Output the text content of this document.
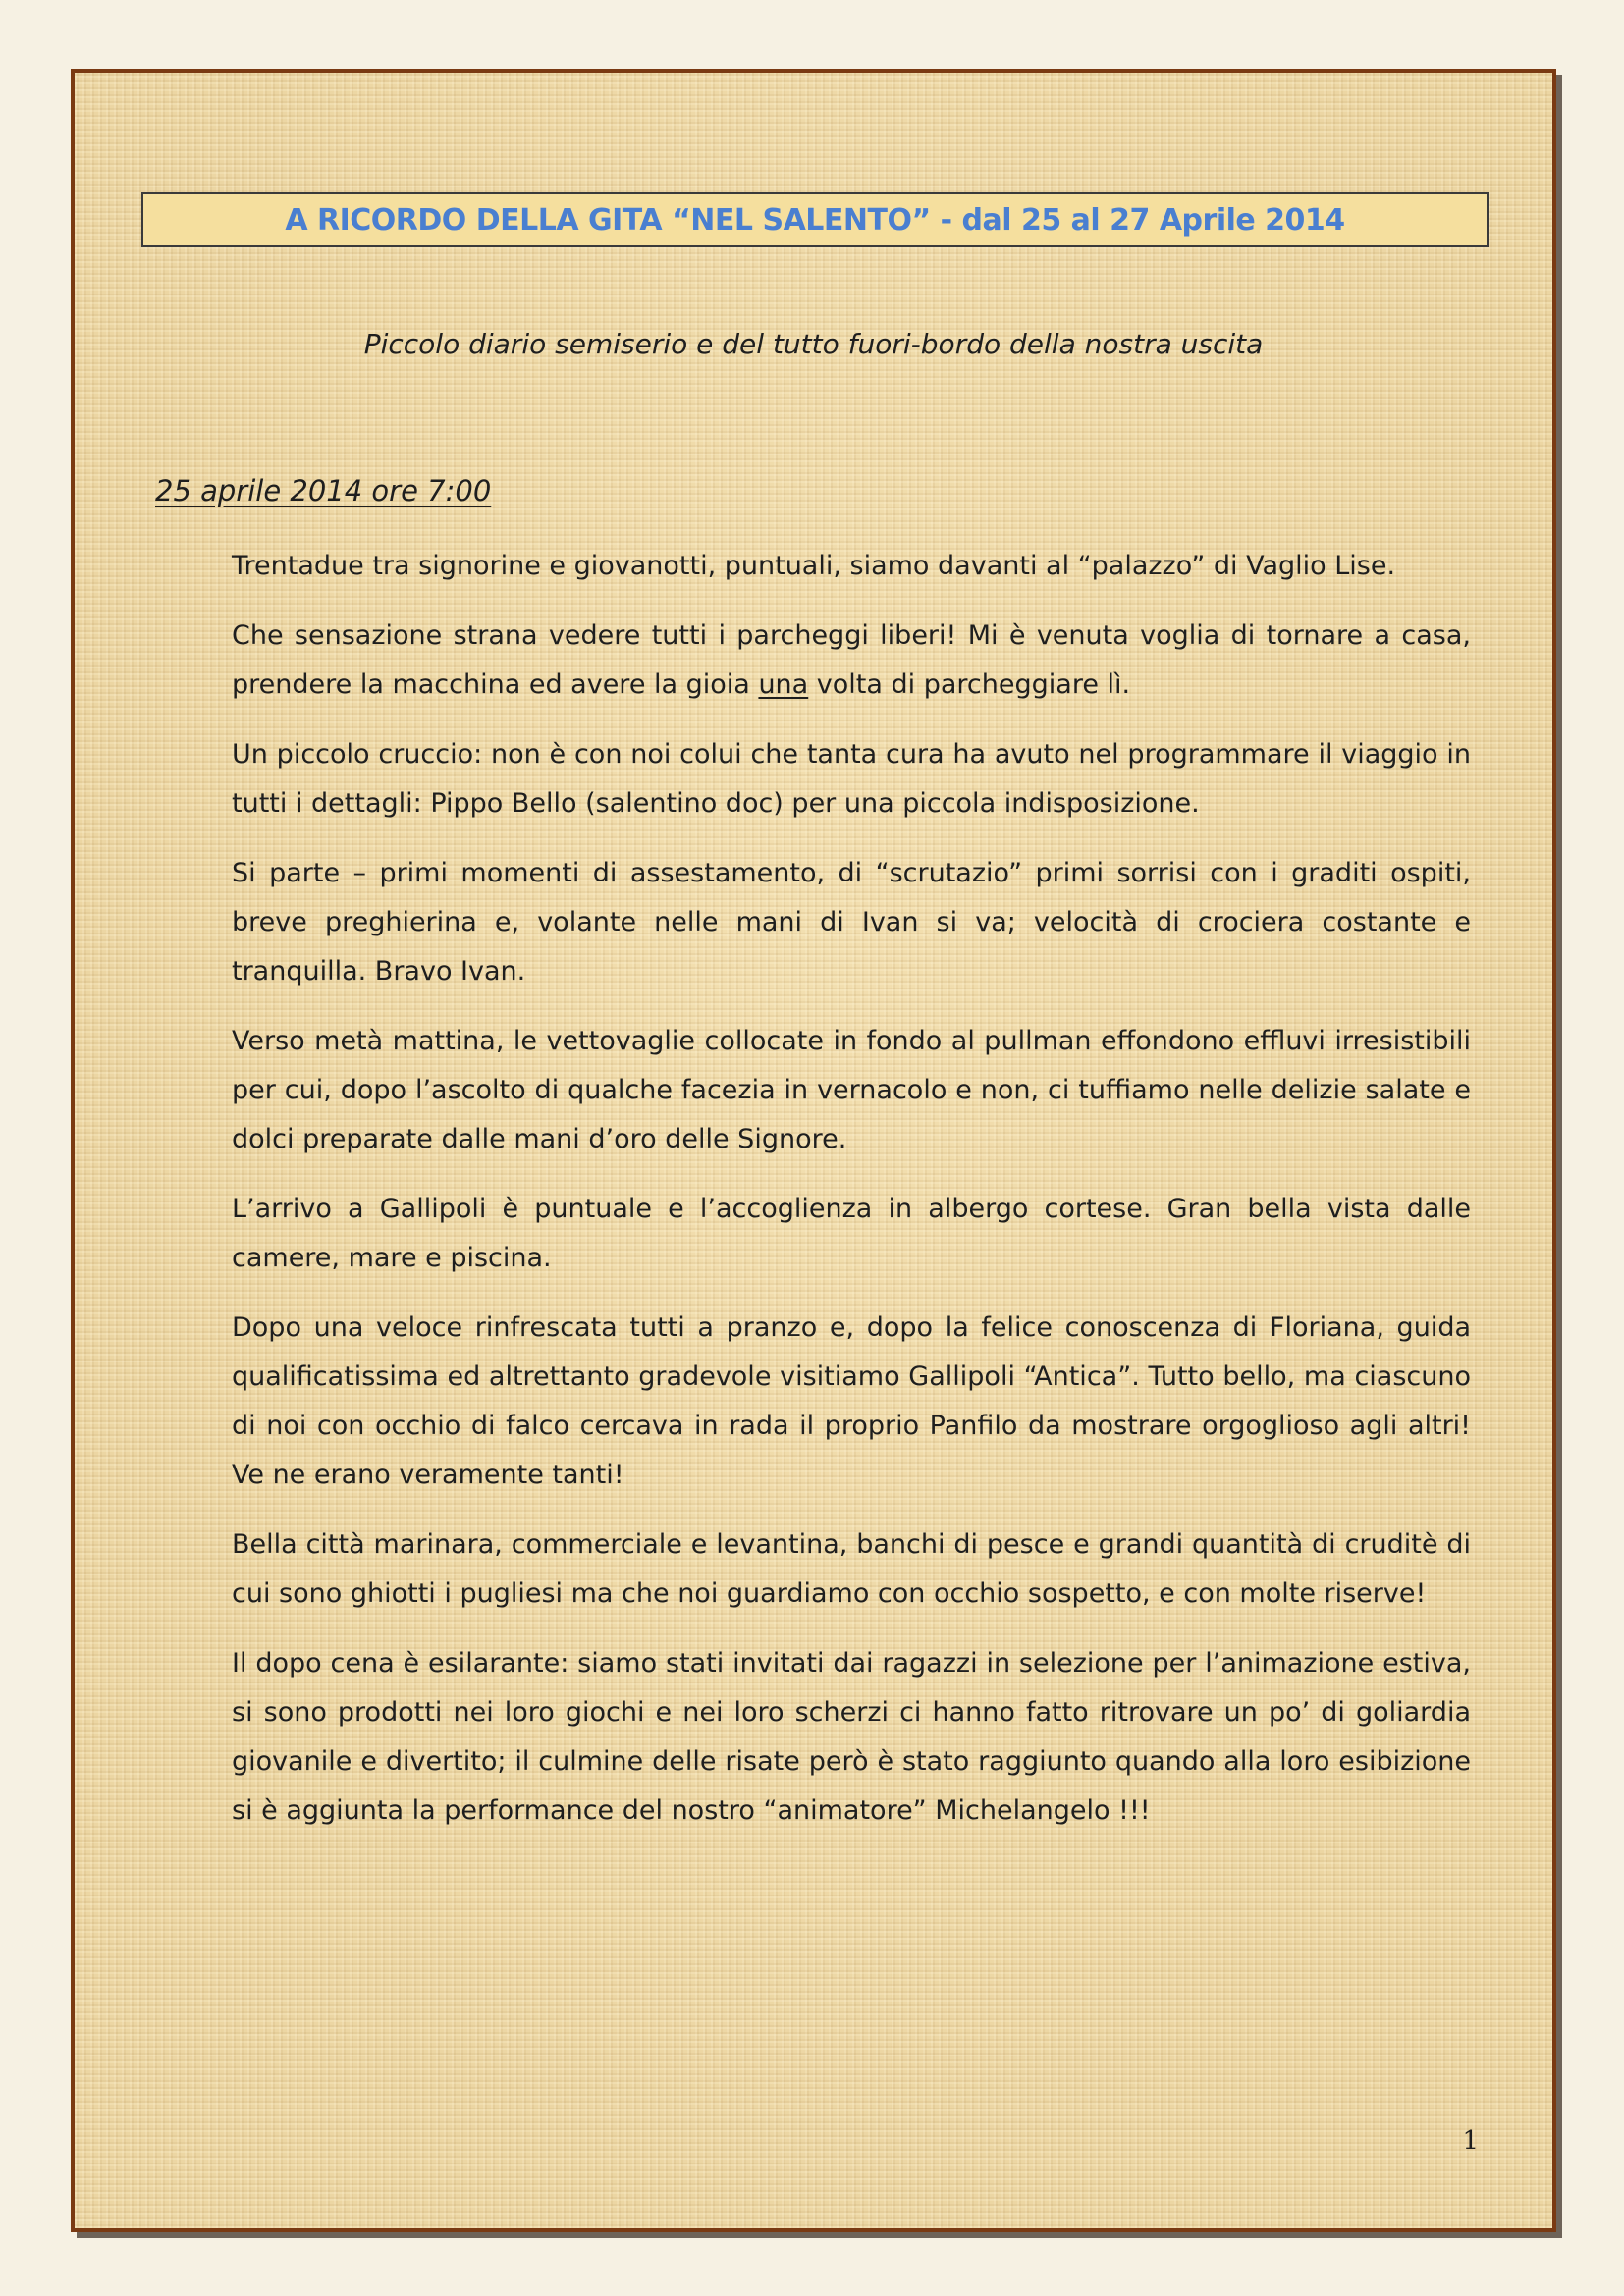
A RICORDO DELLA GITA “NEL SALENTO” - dal 25 al 27 Aprile 2014
Piccolo diario semiserio e del tutto fuori-bordo della nostra uscita
25 aprile 2014 ore 7:00

Trentadue tra signorine e giovanotti, puntuali, siamo davanti al “palazzo” di Vaglio Lise.

Che sensazione strana vedere tutti i parcheggi liberi! Mi è venuta voglia di tornare a casa, prendere la macchina ed avere la gioia una volta di parcheggiare lì.

Un piccolo cruccio: non è con noi colui che tanta cura ha avuto nel programmare il viaggio in tutti i dettagli: Pippo Bello (salentino doc) per una piccola indisposizione.

Si parte – primi momenti di assestamento, di “scrutazio” primi sorrisi con i graditi ospiti, breve preghierina e, volante nelle mani di Ivan si va; velocità di crociera costante e tranquilla. Bravo Ivan.

Verso metà mattina, le vettovaglie collocate in fondo al pullman effondono effluvi irresistibili per cui, dopo l’ascolto di qualche facezia in vernacolo e non, ci tuffiamo nelle delizie salate e dolci preparate dalle mani d’oro delle Signore.

L’arrivo a Gallipoli è puntuale e l’accoglienza in albergo cortese. Gran bella vista dalle camere, mare e piscina.

Dopo una veloce rinfrescata tutti a pranzo e, dopo la felice conoscenza di Floriana, guida qualificatissima ed altrettanto gradevole visitiamo Gallipoli “Antica”. Tutto bello, ma ciascuno di noi con occhio di falco cercava in rada il proprio Panfilo da mostrare orgoglioso agli altri! Ve ne erano veramente tanti!

Bella città marinara, commerciale e levantina, banchi di pesce e grandi quantità di cruditè di cui sono ghiotti i pugliesi ma che noi guardiamo con occhio sospetto, e con molte riserve!

Il dopo cena è esilarante: siamo stati invitati dai ragazzi in selezione per l’animazione estiva, si sono prodotti nei loro giochi e nei loro scherzi ci hanno fatto ritrovare un po’ di goliardia giovanile e divertito; il culmine delle risate però è stato raggiunto quando alla loro esibizione si è aggiunta la performance del nostro “animatore” Michelangelo !!!

1
